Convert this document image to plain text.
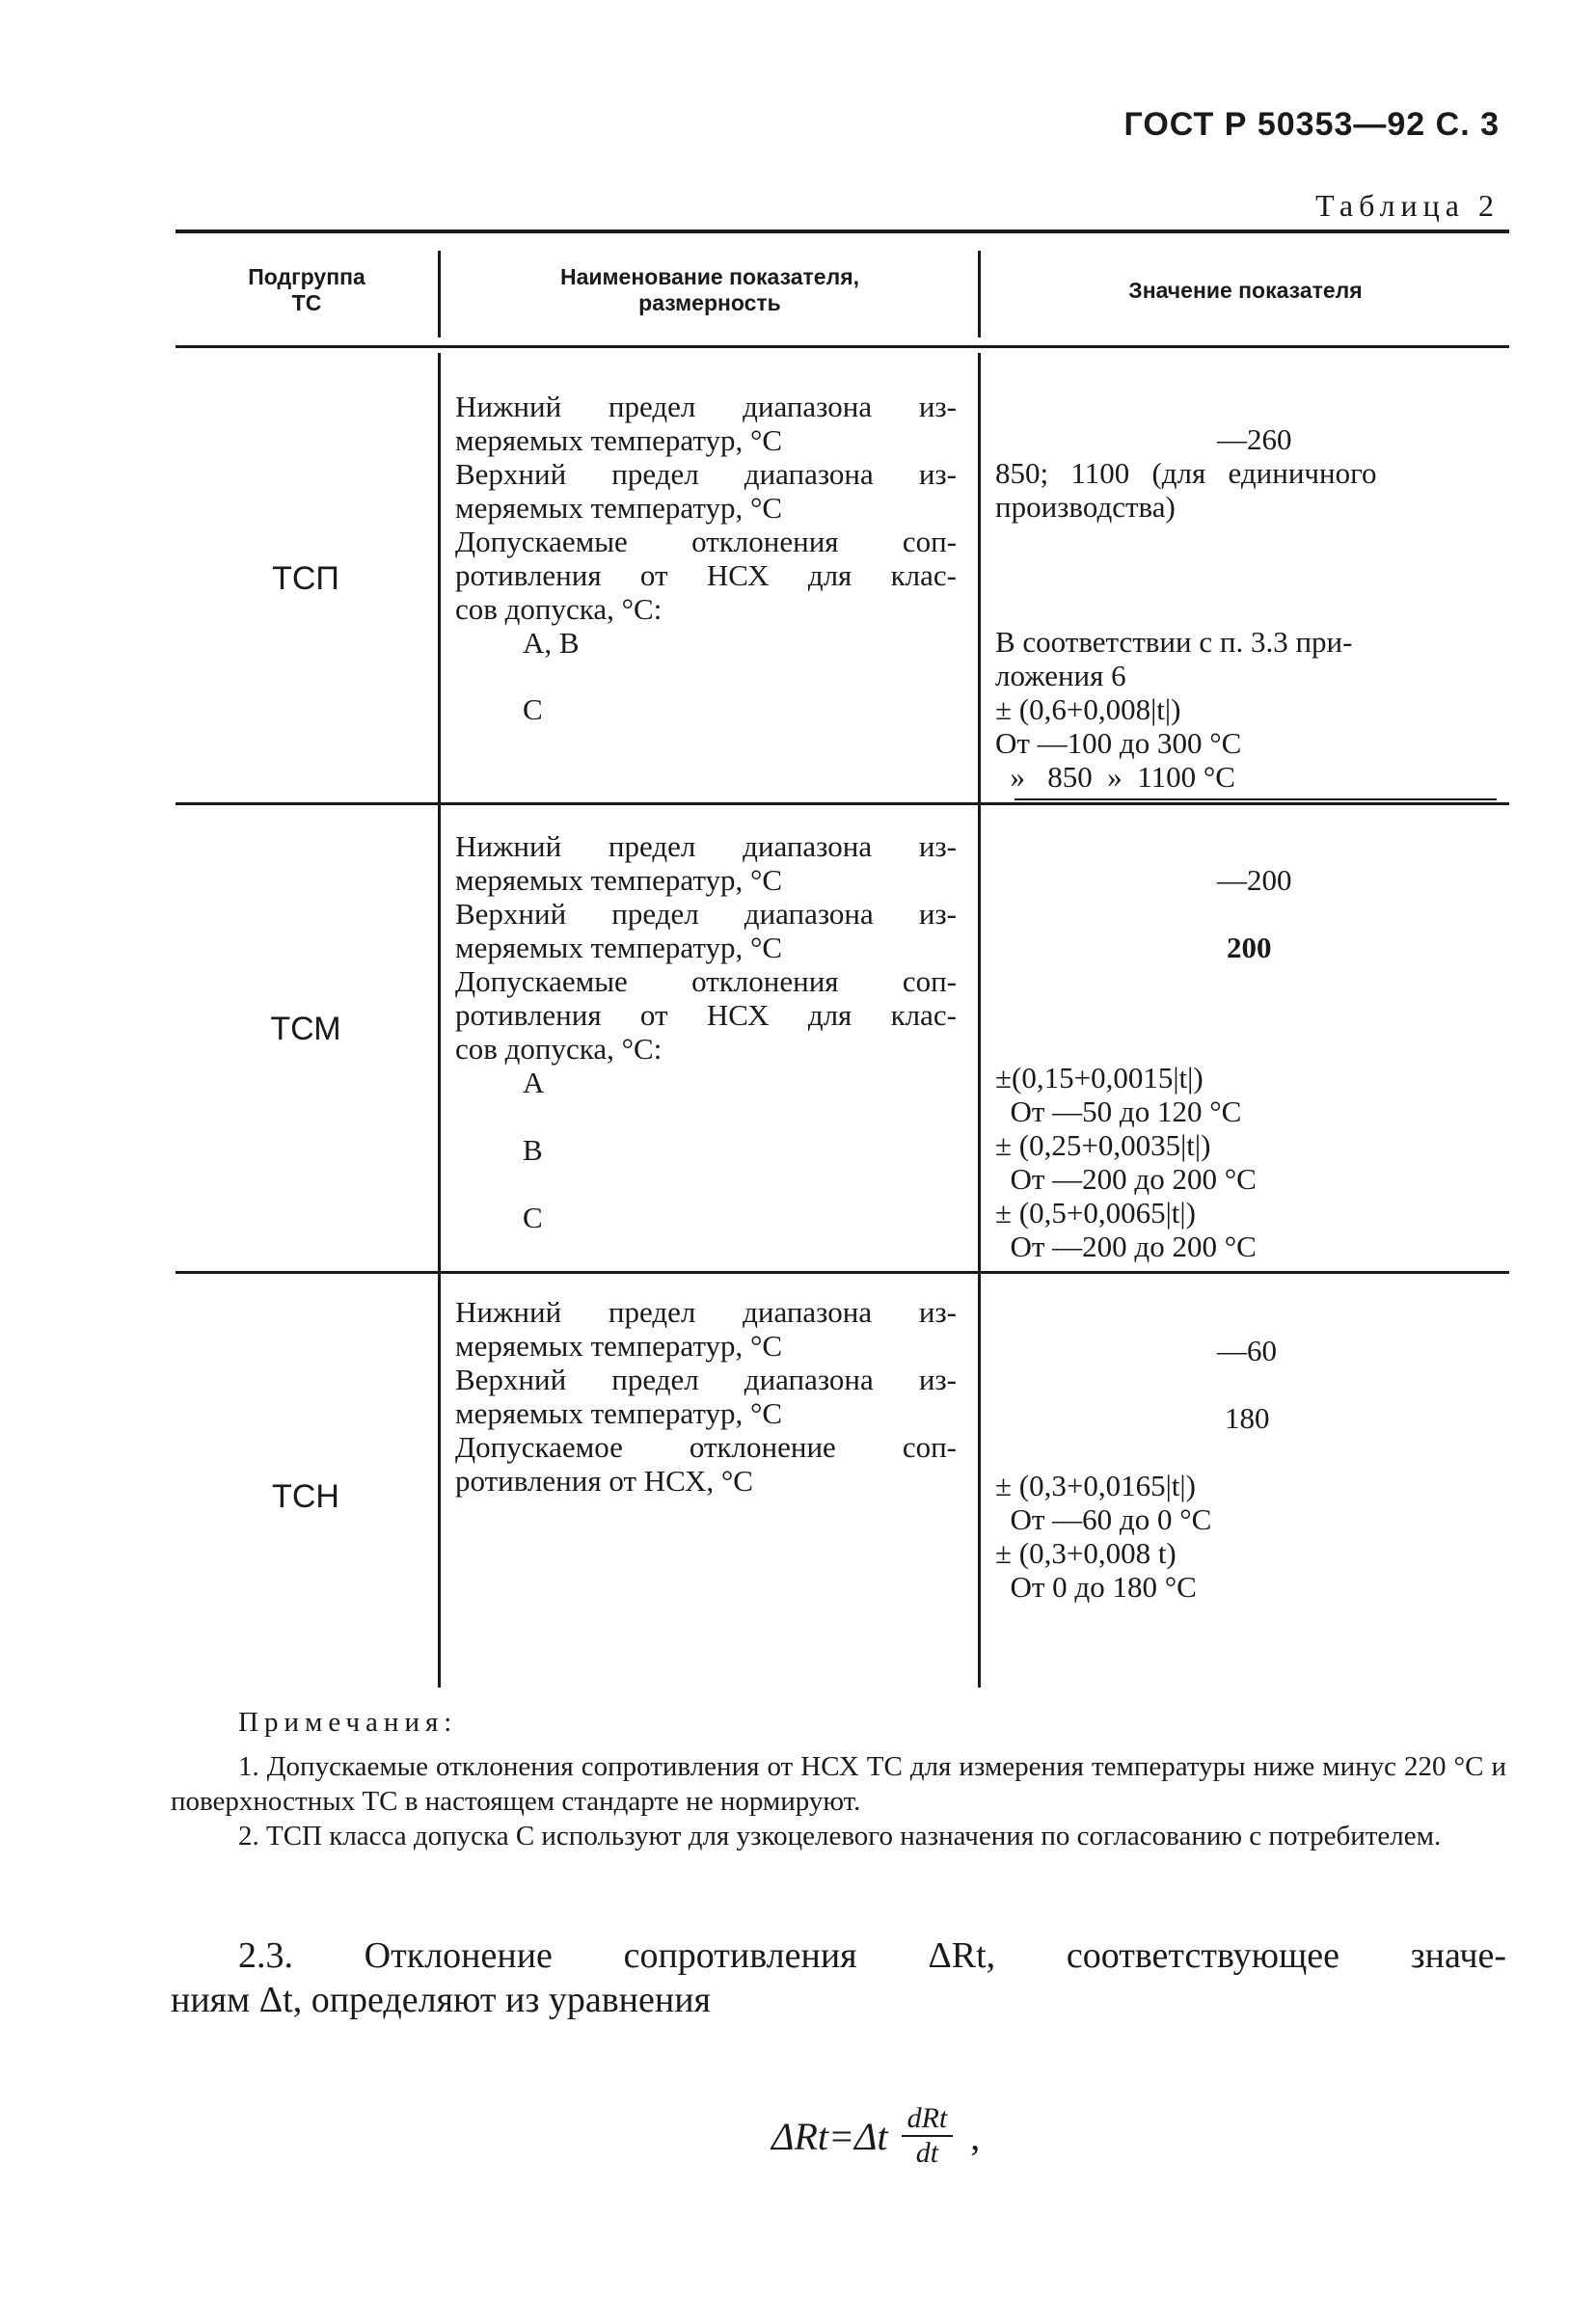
ГОСТ Р 50353—92 С. 3
Таблица 2
Подгруппа
ТС
Наименование показателя,
размерность	Значение показателя
ТСП
Нижний предел диапазона из-
меряемых температур, °С
Верхний предел диапазона из-
меряемых температур, °С
Допускаемые отклонения соп-
ротивления от НСХ для клас-
сов допуска, °С:
А, В
С
—260
850;   1100   (для   единичного
производства)
В соответствии с п. 3.3 при-
ложения 6
± (0,6+0,008|t|)
От —100 до 300 °С
»   850  »  1100 °С
ТСМ
Нижний предел диапазона из-
меряемых температур, °С
Верхний предел диапазона из-
меряемых температур, °С
Допускаемые отклонения соп-
ротивления от НСХ для клас-
сов допуска, °С:
А
В
С
—200
200
±(0,15+0,0015|t|)
От —50 до 120 °С
± (0,25+0,0035|t|)
От —200 до 200 °С
± (0,5+0,0065|t|)
От —200 до 200 °С
ТСН
Нижний предел диапазона из-
меряемых температур, °С
Верхний предел диапазона из-
меряемых температур, °С
Допускаемое отклонение соп-
ротивления от НСХ, °С
—60
180
± (0,3+0,0165|t|)
От —60 до 0 °С
± (0,3+0,008 t)
От 0 до 180 °С
Примечания:

1. Допускаемые отклонения сопротивления от НСХ ТС для измерения температуры ниже минус 220 °С и поверхностных ТС в настоящем стандарте не нормируют.

2. ТСП класса допуска С используют для узкоцелевого назначения по согласованию с потребителем.

2.3. Отклонение сопротивления ΔRt, соответствующее значе-
ниям Δt, определяют из уравнения
$\Delta Rt=\Delta t \frac{\text{dRt}}{dt}$ ,
